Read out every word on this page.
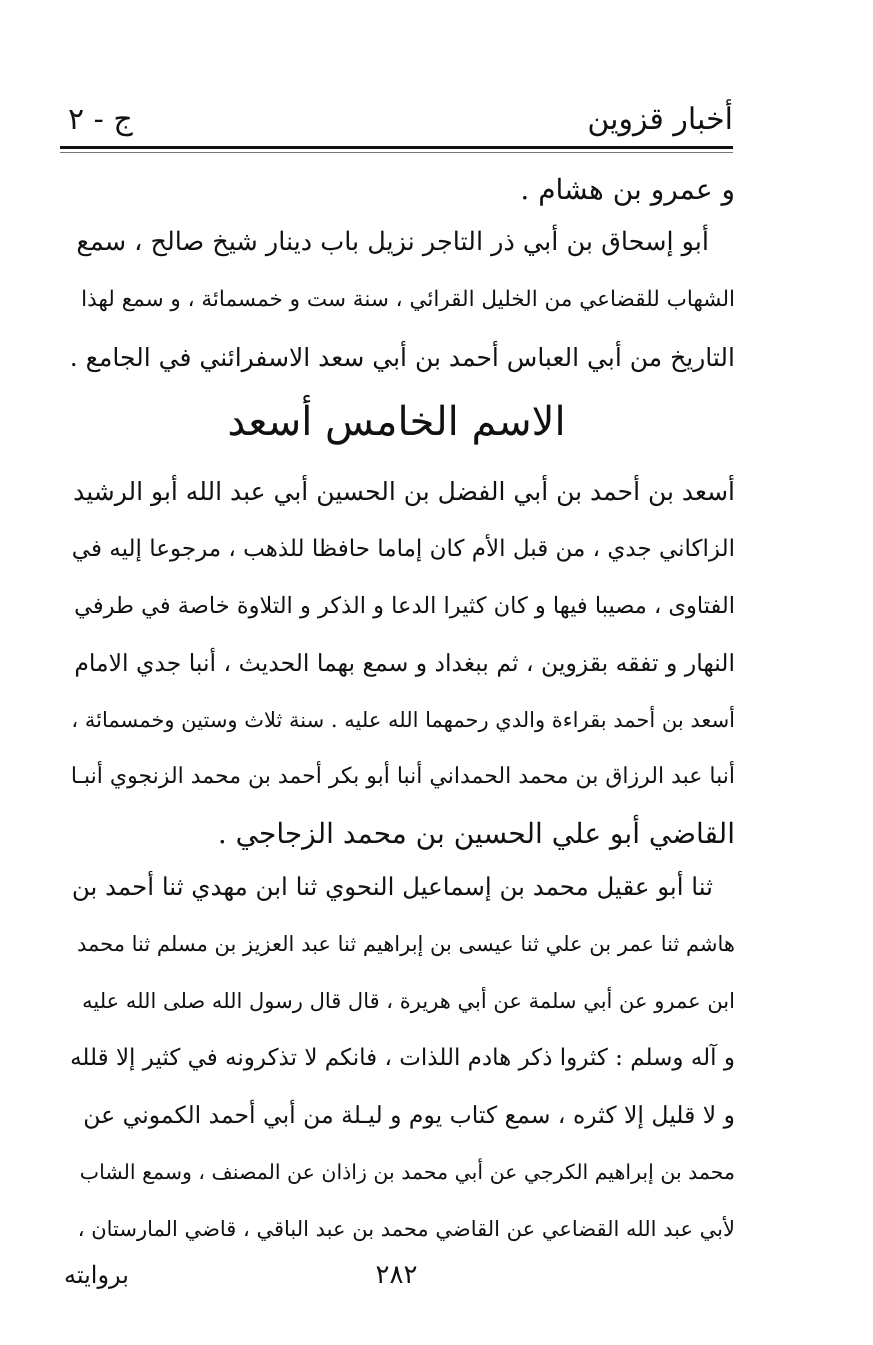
أخبار قزوين
ج - ٢
و عمرو بن هشام .
أبو إسحاق بن أبي ذر التاجر نزيل باب دينار شيخ صالح ، سمع
الشهاب للقضاعي من الخليل القرائي ، سنة ست و خمسمائة ، و سمع لهذا
التاريخ من أبي العباس أحمد بن أبي سعد الاسفرائني في الجامع .
الاسم الخامس أسعد
أسعد بن أحمد بن أبي الفضل بن الحسين أبي عبد الله أبو الرشيد
الزاكاني جدي ، من قبل الأم كان إماما حافظا للذهب ، مرجوعا إليه في
الفتاوى ، مصيبا فيها و كان كثيرا الدعا و الذكر و التلاوة خاصة في طرفي
النهار و تفقه بقزوين ، ثم ببغداد و سمع بهما الحديث ، أنبا جدي الامام
أسعد بن أحمد بقراءة والدي رحمهما الله عليه . سنة ثلاث وستين وخمسمائة ،
أنبا عبد الرزاق بن محمد الحمداني أنبا أبو بكر أحمد بن محمد الزنجوي أنبـا
القاضي أبو علي الحسين بن محمد الزجاجي .
ثنا أبو عقيل محمد بن إسماعيل النحوي ثنا ابن مهدي ثنا أحمد بن
هاشم ثنا عمر بن علي ثنا عيسى بن إبراهيم ثنا عبد العزيز بن مسلم ثنا محمد
ابن عمرو عن أبي سلمة عن أبي هريرة ، قال قال رسول الله صلى الله عليه
و آله وسلم : كثروا ذكر هادم اللذات ، فانكم لا تذكرونه في كثير إلا قلله
و لا قليل إلا كثره ، سمع كتاب يوم و ليـلة من أبي أحمد الكموني عن
محمد بن إبراهيم الكرجي عن أبي محمد بن زاذان عن المصنف ، وسمع الشاب
لأبي عبد الله القضاعي عن القاضي محمد بن عبد الباقي ، قاضي المارستان ،
بروايته	٢٨٢
